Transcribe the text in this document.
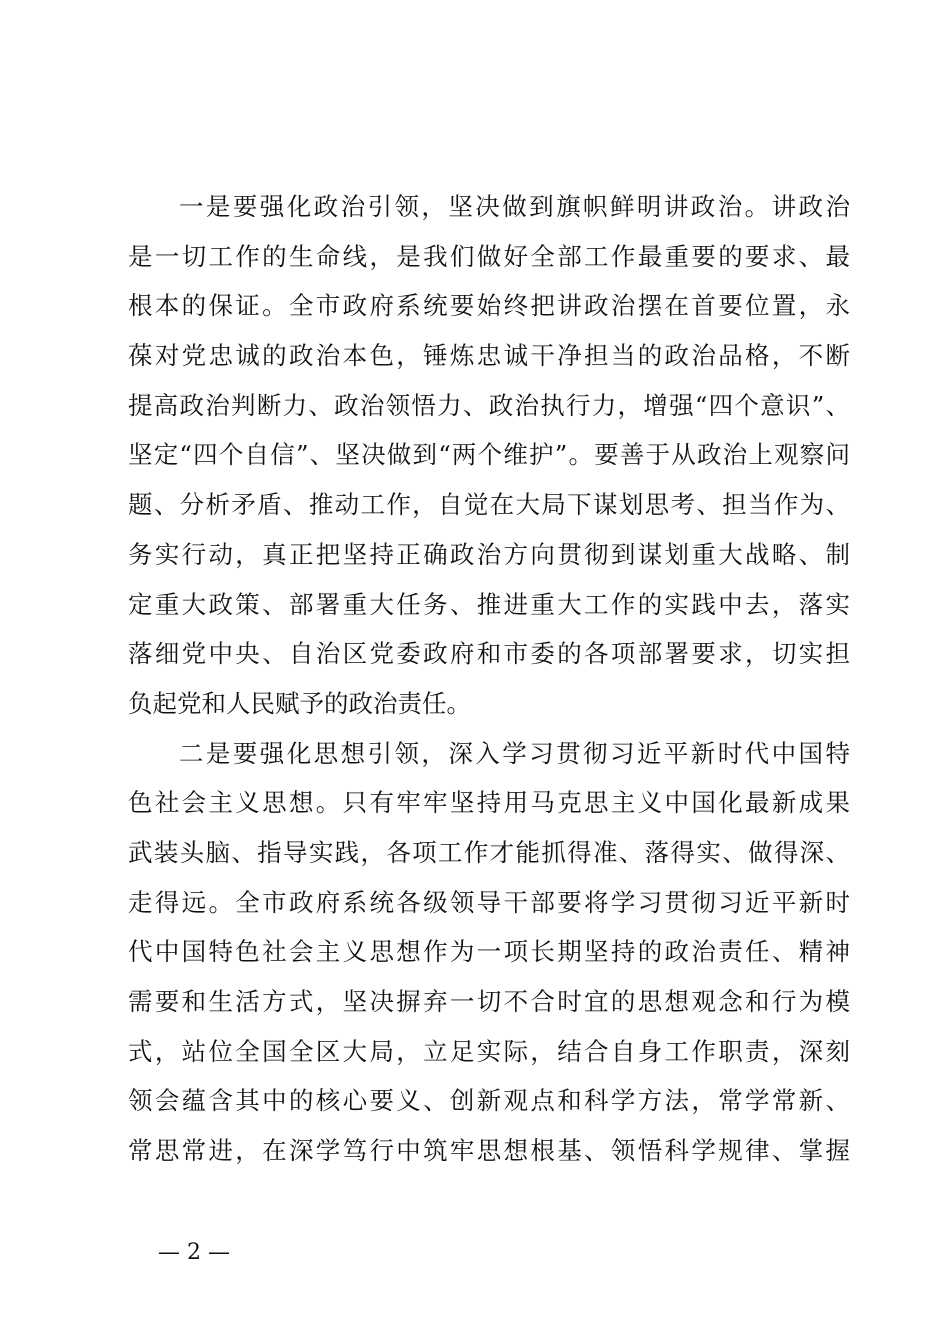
一是要强化政治引领，坚决做到旗帜鲜明讲政治。讲政治
是一切工作的生命线，是我们做好全部工作最重要的要求、最
根本的保证。全市政府系统要始终把讲政治摆在首要位置，永
葆对党忠诚的政治本色，锤炼忠诚干净担当的政治品格，不断
提高政治判断力、政治领悟力、政治执行力，增强“四个意识”、
坚定“四个自信”、坚决做到“两个维护”。要善于从政治上观察问
题、分析矛盾、推动工作，自觉在大局下谋划思考、担当作为、
务实行动，真正把坚持正确政治方向贯彻到谋划重大战略、制
定重大政策、部署重大任务、推进重大工作的实践中去，落实
落细党中央、自治区党委政府和市委的各项部署要求，切实担
负起党和人民赋予的政治责任。
二是要强化思想引领，深入学习贯彻习近平新时代中国特
色社会主义思想。只有牢牢坚持用马克思主义中国化最新成果
武装头脑、指导实践，各项工作才能抓得准、落得实、做得深、
走得远。全市政府系统各级领导干部要将学习贯彻习近平新时
代中国特色社会主义思想作为一项长期坚持的政治责任、精神
需要和生活方式，坚决摒弃一切不合时宜的思想观念和行为模
式，站位全国全区大局，立足实际，结合自身工作职责，深刻
领会蕴含其中的核心要义、创新观点和科学方法，常学常新、
常思常进，在深学笃行中筑牢思想根基、领悟科学规律、掌握
— 2 —
